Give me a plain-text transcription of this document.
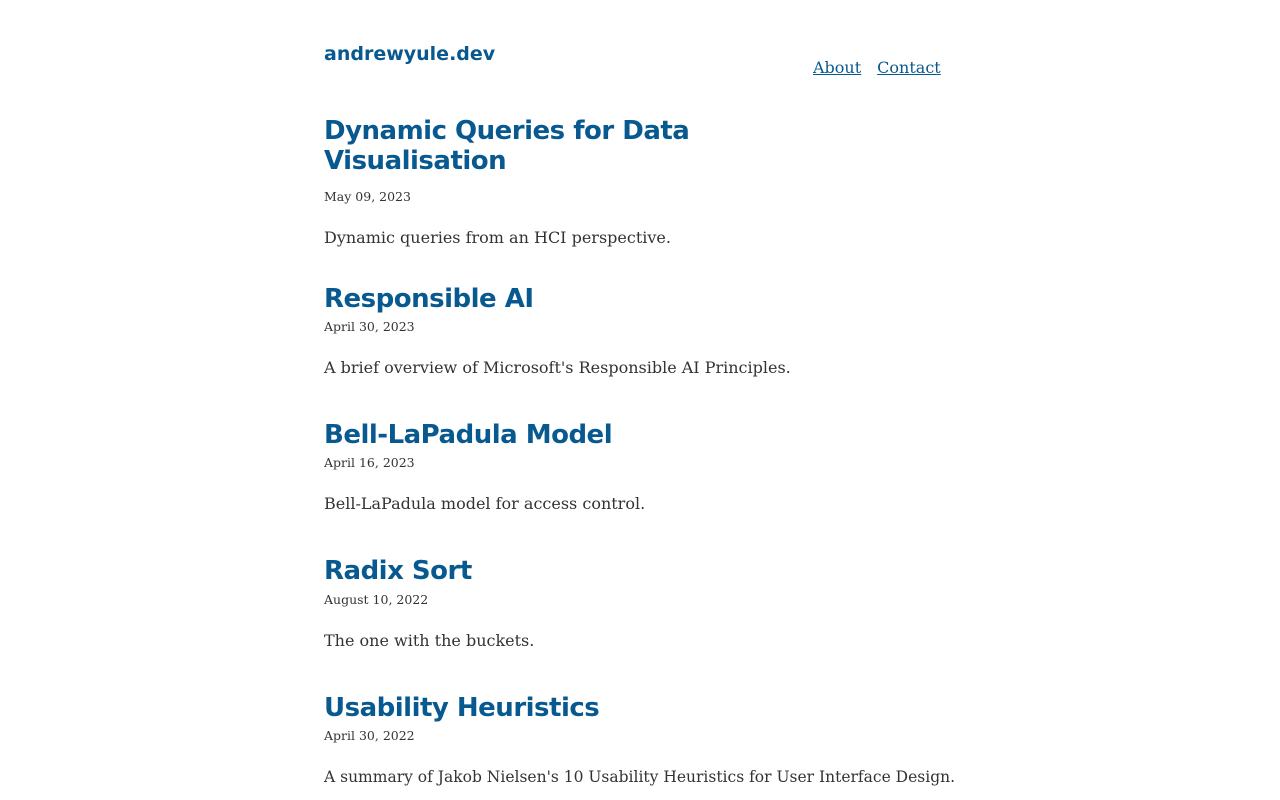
andrewyule.dev
About Contact
Dynamic Queries for Data
Visualisation

May 09, 2023

Dynamic queries from an HCI perspective.

Responsible AI

April 30, 2023

A brief overview of Microsoft's Responsible AI Principles.

Bell-LaPadula Model

April 16, 2023

Bell-LaPadula model for access control.

Radix Sort

August 10, 2022

The one with the buckets.

Usability Heuristics

April 30, 2022

A summary of Jakob Nielsen's 10 Usability Heuristics for User Interface Design.
